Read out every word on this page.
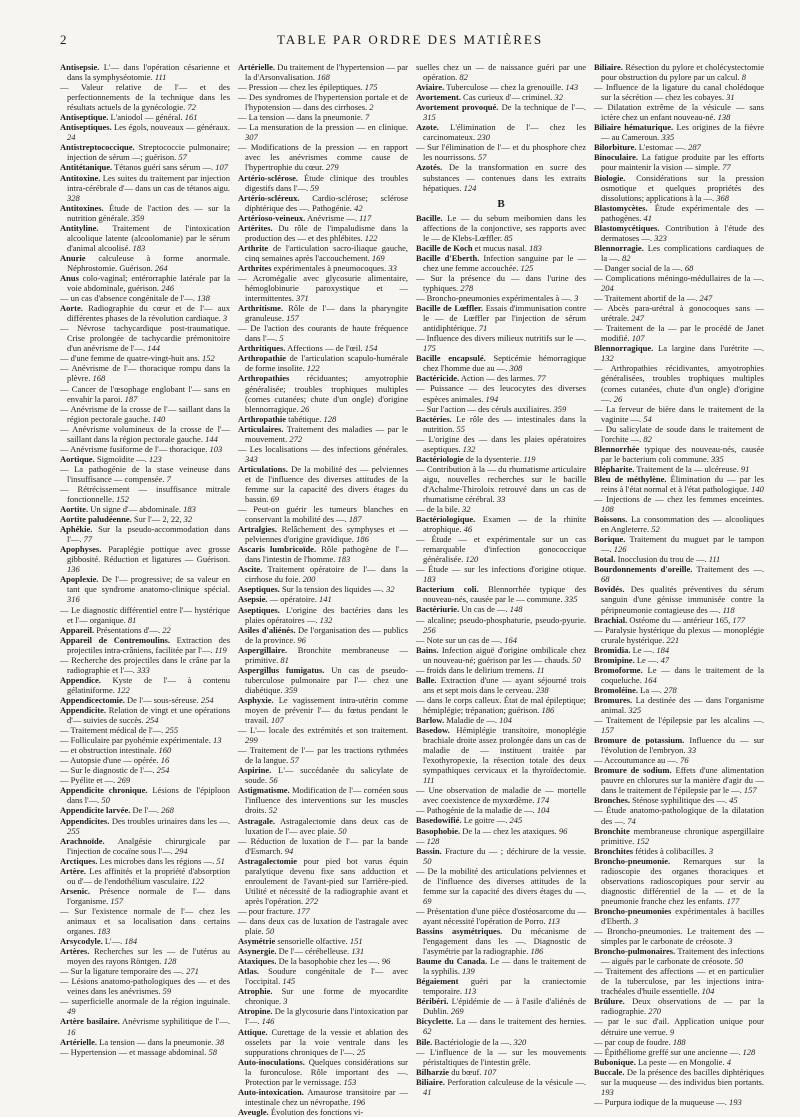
2	TABLE PAR ORDRE DES MATIÈRES

Antisepsie. L'— dans l'opération césarienne et dans la symphyséotomie. 111

— Valeur relative de l'— et des perfectionnements de la technique dans les résultats actuels de la gynécologie. 72

Antiseptique. L'aniodol — général. 161

Antiseptiques. Les égols, nouveaux — généraux. 24

Antistreptococcique. Streptococcie pulmonaire; injection de sérum —; guérison. 57

Antitétanique. Tétanos guéri sans sérum —. 107

Antitoxine. Les suites du traitement par injection intra-cérébrale d'— dans un cas de tétanos aigu. 328

Antitoxines. Étude de l'action des — sur la nutrition générale. 359

Antityline. Traitement de l'intoxication alcoolique latente (alcoolomanie) par le sérum d'animal alcoolisé. 183

Anurie calculeuse à forme anormale. Néphrostomie. Guérison. 264

Anus colo-vaginal; entérorraphie latérale par la voie abdominale, guérison. 246

— un cas d'absence congénitale de l'—. 138

Aorte. Radiographie du cœur et de l'— aux différentes phases de la révolution cardiaque. 3

— Névrose tachycardique post-traumatique. Crise prolongée de tachycardie prémonitoire d'un anévrisme de l'—. 144

— d'une femme de quatre-vingt-huit ans. 152

— Anévrisme de l'— thoracique rompu dans la plèvre. 168

— Cancer de l'œsophage englobant l'— sans en envahir la paroi. 187

— Anévrisme de la crosse de l'— saillant dans la région pectorale gauche. 140

— Anévrisme volumineux de la crosse de l'— saillant dans la région pectorale gauche. 144

— Anévrisme fusiforme de l'— thoracique. 103

Aortique. Sigmoïdite —. 123

— La pathogénie de la stase veineuse dans l'insuffisance — compensée. 7

— Rétrécissement — insuffisance mitrale fonctionnelle. 152

Aortite. Un signe d'— abdominale. 183

Aortite paludéenne. Sur l'— 2, 22, 32

Aphékie. Sur la pseudo-accommodation dans l'—. 77

Apophyses. Paraplégie pottique avec grosse gibbosité. Réduction et ligatures — Guérison. 136

Apoplexie. De l'— progressive; de sa valeur en tant que syndrome anatomo-clinique spécial. 316

— Le diagnostic différentiel entre l'— hystérique et l'— organique. 81

Appareil. Présentations d'—. 22

Appareil de Contremoulins. Extraction des projectiles intra-crâniens, facilitée par l'—. 119

— Recherche des projectiles dans le crâne par la radiographie et l'—. 333

Appendice. Kyste de l'— à contenu gélatiniforme. 122

Appendicectomie. De l'— sous-séreuse. 254

Appendicite. Relation de vingt et une opérations d'— suivies de succès. 254

— Traitement médical de l'—. 255

— Folliculaire par pyohémie expérimentale. 13

— et obstruction intestinale. 160

— Autopsie d'une — opérée. 16

— Sur le diagnostic de l'—. 254

— Pyélite et —. 269

Appendicite chronique. Lésions de l'épiploon dans l'—. 50

Appendicite larvée. De l'—. 268

Appendicites. Des troubles urinaires dans les —. 255

Arachnoïde. Analgésie chirurgicale par l'injection de cocaïne sous l'—. 294

Arctiques. Les microbes dans les régions —. 51

Artère. Les affinités et la propriété d'absorption ou d'— de l'endothélium vasculaire. 122

Arsenic. Présence normale de l'— dans l'organisme. 157

— Sur l'existence normale de l'— chez les animaux et sa localisation dans certains organes. 183

Arsycodyle. L'—. 184

Artères. Recherches sur les — de l'utérus au moyen des rayons Röntgen. 128

— Sur la ligature temporaire des —. 271

— Lésions anatomo-pathologiques des — et des veines dans les anévrismes. 59

— superficielle anormale de la région inguinale. 49

Artère basilaire. Anévrisme syphilitique de l'—. 16

Artérielle. La tension — dans la pneumonie. 38

— Hypertension — et massage abdominal. 58

Artérielle. Du traitement de l'hypertension — par la d'Arsonvalisation. 168

— Pression — chez les épileptiques. 175

— Des syndromes de l'hypertension portale et de l'hypotension — dans des cirrhoses. 2

— La tension — dans la pneumonie. 7

— La mensuration de la pression — en clinique. 307

— Modifications de la pression — en rapport avec les anévrismes comme cause de l'hypertrophie du cœur. 279

Artério-sclérose. Étude clinique des troubles digestifs dans l'—. 59

Artério-scléreux. Cardio-sclérose; sclérose diphtérique des —. Pathogénie. 42

Artérioso-veineux. Anévrisme —. 117

Artérites. Du rôle de l'impaludisme dans la production des — et des phlébites. 122

Arthrite de l'articulation sacro-iliaque gauche, cinq semaines après l'accouchement. 169

Arthrites expérimentales à pneumocoques. 33

— Acromégalie avec glycosurie alimentaire, hémoglobinurie paroxystique et — intermittentes. 371

Arthritisme. Rôle de l'— dans la pharyngite granuleuse. 157

— De l'action des courants de haute fréquence dans l'—. 5

Arthritiques. Affections — de l'œil. 154

Arthropathie de l'articulation scapulo-humérale de forme insolite. 122

Arthropathies réciduantes; amyotrophie généralisée; troubles trophiques multiples (cornes cutanées; chute d'un ongle) d'origine blennorragique. 26

Arthropathie tabétique. 128

Articulaires. Traitement des maladies — par le mouvement. 272

— Les localisations — des infections générales. 343

Articulations. De la mobilité des — pelviennes et de l'influence des diverses attitudes de la femme sur la capacité des divers étages du bassin. 69

— Peut-on guérir les tumeurs blanches en conservant la mobilité des —. 187

Artralgies. Relâchement des symphyses et — pelviennes d'origine gravidique. 186

Ascaris lumbricoïde. Rôle pathogène de l'— dans l'intestin de l'homme. 183

Ascite. Traitement opératoire de l'— dans la cirrhose du foie. 200

Aseptiques. Sur la tension des liquides —. 32

Asepsie. — opératoire. 141

Aseptiques. L'origine des bactéries dans les plaies opératoires —. 132

Asiles d'aliénés. De l'organisation des — publics de la province. 96

Aspergillaire. Bronchite membraneuse — primitive. 81

Aspergillus fumigatus. Un cas de pseudo-tuberculose pulmonaire par l'— chez une diabétique. 359

Asphyxie. Le vagissement intra-utérin comme moyen de prévenir l'— du fœtus pendant le travail. 107

— L'— locale des extrémités et son traitement. 299

— Traitement de l'— par les tractions rythmées de la langue. 57

Aspirine. L'— succédanée du salicylate de soude. 56

Astigmatisme. Modification de l'— cornéen sous l'influence des interventions sur les muscles droits. 52

Astragale. Astragalectomie dans deux cas de luxation de l'— avec plaie. 50

— Réduction de luxation de l'— par la bande d'Esmarch. 94

Astragalectomie pour pied bot varus équin paralytique devenu fixe sans adduction et enroulement de l'avant-pied sur l'arrière-pied. Utilité et nécessité de la radiographie avant et après l'opération. 272

— pour fracture. 177

— dans deux cas de luxation de l'astragale avec plaie. 50

Asymétrie sensorielle olfactive. 151

Asynergie. De l'— cérébelleuse. 131

Ataxiques. De la basophobie chez les —. 96

Atlas. Soudure congénitale de l'— avec l'occipital. 145

Atrophie. Sur une forme de myocardite chronique. 3

Atropine. De la glycosurie dans l'intoxication par l'—. 146

Attique. Curettage de la vessie et ablation des osselets par la voie ventrale dans les suppurations chroniques de l'—. 25

Auto-inoculations. Quelques considérations sur la furonculose. Rôle important des —. Protection par le vernissage. 153

Auto-intoxication. Amaurose transitoire par — intestinale chez un névropathe. 196

Aveugle. Évolution des fonctions vi-

suelles chez un — de naissance guéri par une opération. 82

Aviaire. Tuberculose — chez la grenouille. 143

Avortement. Cas curieux d'— criminel. 32

Avortement provoqué. De la technique de l'—. 315

Azote. L'élimination de l'— chez les carcinomateux. 230

— Sur l'élimination de l'— et du phosphore chez les nourrissons. 57

Azotés. De la transformation en sucre des substances — contenues dans les extraits hépatiques. 124

B

Bacille. Le — du sebum meibomien dans les affections de la conjonctive, ses rapports avec le — de Klebs-Lœffler. 85

Bacille de Koch et mucus nasal. 183

Bacille d'Eberth. Infection sanguine par le — chez une femme accouchée. 125

— Sur la présence du — dans l'urine des typhiques. 278

— Broncho-pneumonies expérimentales à —. 3

Bacille de Lœffler. Essais d'immunisation contre le — de Lœffler par l'injection de sérum antidiphtérique. 71

— Influence des divers milieux nutritifs sur le —. 175

Bacille encapsulé. Septicémie hémorragique chez l'homme due au —. 308

Bactéricide. Action — des larmes. 77

— Puissance — des leucocytes des diverses espèces animales. 194

— Sur l'action — des céruls auxiliaires. 359

Bactéries. Le rôle des — intestinales dans la nutrition. 55

— L'origine des — dans les plaies opératoires aseptiques. 132

Bactériologie de la dysenterie. 119

— Contribution à la — du rhumatisme articulaire aigu, nouvelles recherches sur le bacille d'Achalme-Thiroloix retrouvé dans un cas de rhumatisme cérébral. 33

— de la bile. 32

Bactériologique. Examen — de la rhinite atrophique. 46

— Étude — et expérimentale sur un cas remarquable d'infection gonococcique généralisée. 120

— Étude — sur les infections d'origine otique. 183

Bacterium coli. Blennorrhée typique des nouveau-nés, causée par le — commune. 335

Bactériurie. Un cas de —. 148

— alcaline; pseudo-phosphaturie, pseudo-pyurie. 256

— Note sur un cas de —. 164

Bains. Infection aiguë d'origine ombilicale chez un nouveau-né; guérison par les — chauds. 50

— froids dans le delirium tremens. 11

Balle. Extraction d'une — ayant séjourné trois ans et sept mois dans le cerveau. 238

— dans le corps calleux. État de mal épileptique; hémiplégie; trépanation; guérison. 186

Barlow. Maladie de —. 104

Basedow. Hémiplégie transitoire, monoplégie brachiale droite assez prolongée dans un cas de maladie de — instituent traitée par l'exothyropexie, la résection totale des deux sympathiques cervicaux et la thyroïdectomie. 111

— Une observation de maladie de — mortelle avec coexistence de myxœdème. 174

— Pathogénie de la maladie de —. 104

Basedowifié. Le goitre —. 245

Basophobie. De la — chez les ataxiques. 96

— 128

Bassin. Fracture du — ; déchirure de la vessie. 50

— De la mobilité des articulations pelviennes et de l'influence des diverses attitudes de la femme sur la capacité des divers étages du —. 69

— Présentation d'une pièce d'ostéosarcome du — ayant nécessité l'opération de Porro. 113

Bassins asymétriques. Du mécanisme de l'engagement dans les —. Diagnostic de l'asymétrie par la radiographie. 186

Baume du Canada. Le — dans le traitement de la syphilis. 139

Bégaiement guéri par la craniectomie temporaire. 113

Béribéri. L'épidémie de — à l'asile d'aliénés de Dublin. 269

Bicyclette. La — dans le traitement des hernies. 62

Bile. Bactériologie de la —. 320

— L'influence de la — sur les mouvements péristaltiques de l'intestin grêle.

Bilharzie du bœuf. 107

Biliaire. Perforation calculeuse de la vésicule —. 41

Biliaire. Résection du pylore et cholécystectomie pour obstruction du pylore par un calcul. 8

— Influence de la ligature du canal cholédoque sur la sécrétion — chez les cobayes. 31

— Dilatation extrême de la vésicule — sans ictère chez un enfant nouveau-né. 138

Biliaire hématurique. Les origines de la fièvre — au Cameroun. 335

Bilorbiture. L'estomac —. 287

Binoculaire. La fatigue produite par les efforts pour maintenir la vision — simple. 77

Biologie. Considérations sur la pression osmotique et quelques propriétés des dissolutions; applications à la —. 368

Blastomycètes. Étude expérimentale des — pathogènes. 41

Blastomycétiques. Contribution à l'étude des dermatoses —. 323

Blennorragie. Les complications cardiaques de la —. 82

— Danger social de la —. 68

— Complications méningo-médullaires de la —. 204

— Traitement abortif de la —. 247

— Abcès para-urétral à gonocoques sans — urétrale. 247

— Traitement de la — par le procédé de Janet modifié. 107

Blennorragique. La largine dans l'urétrite —. 132

— Arthropathies récidivantes, amyotrophies généralisées, troubles trophiques multiples (cornes cutanées, chute d'un ongle) d'origine —. 26

— La ferveur de bière dans le traitement de la vaginite —. 54

— Du salicylate de soude dans le traitement de l'orchite —. 82

Blennorrhée typique des nouveau-nés, causée par le bacterium coli commune. 335

Blépharite. Traitement de la — ulcéreuse. 91

Bleu de méthylène. Élimination du — par les reins à l'état normal et à l'état pathologique. 140

— Injections de — chez les femmes enceintes. 108

Boissons. La consommation des — alcooliques en Angleterre. 52

Borique. Traitement du muguet par le tampon —. 126

Botal. Inocclusion du trou de —. 111

Bourdonnements d'oreille. Traitement des —. 68

Bovidés. Des qualités préventives du sérum sanguin d'une génisse immunisée contre la péripneumonie contagieuse des —. 118

Brachial. Ostéome du — antérieur 165, 177

— Paralysie hystérique du plexus — monoplégie crurale hystérique. 221

Bromidia. Le —. 184

Bromipine. Le —. 47

Bromoforme. Le — dans le traitement de la coqueluche. 164

Bromoléine. La —. 278

Bromures. La destinée des — dans l'organisme animal. 325

— Traitement de l'épilepsie par les alcalins —. 157

Bromure de potassium. Influence du — sur l'évolution de l'embryon. 33

— Accoutumance au —. 76

Bromure de sodium. Effets d'une alimentation pauvre en chlorures sur la manière d'agir du — dans le traitement de l'épilepsie par le —. 157

Bronches. Sténose syphilitique des —. 45

— Étude anatomo-pathologique de la dilatation des —. 74

Bronchite membraneuse chronique aspergillaire primitive. 152

Bronchites fétides à colibacilles. 3

Broncho-pneumonie. Remarques sur la radioscopie des organes thoraciques et observations radioscopiques pour servir au diagnostic différentiel de la — et de la pneumonie franche chez les enfants. 177

Broncho-pneumonies expérimentales à bacilles d'Eberth. 3

— Broncho-pneumonies. Le traitement des — simples par le carbonate de créosote. 3

Broncho-pulmonaires. Traitement des infections — aiguës par le carbonate de créosote. 50

— Traitement des affections — et en particulier de la tuberculose, par les injections intra-trachéales d'huile essentielle. 104

Brûlure. Deux observations de — par la radiographie. 270

— par le suc d'ail. Application unique pour détruire une verrue. 9

— par coup de foudre. 188

— Épithéliome greffé sur une ancienne —. 128

Bubonique. La peste — en Mongolie. 4

Buccale. De la présence des bacilles diphtériques sur la muqueuse — des individus bien portants. 193

— Purpura iodique de la muqueuse —. 193
